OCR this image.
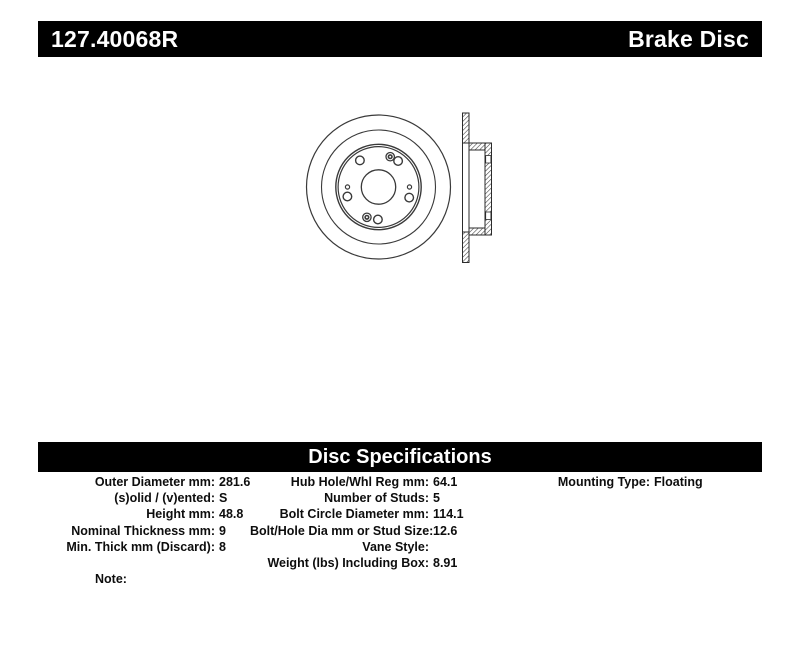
127.40068R	Brake Disc
Disc Specifications
Outer Diameter mm: 281.6
(s)olid / (v)ented: S
Height mm: 48.8
Nominal Thickness mm: 9
Min. Thick mm (Discard): 8
Hub Hole/Whl Reg mm: 64.1
Number of Studs: 5
Bolt Circle Diameter mm: 114.1
Bolt/Hole Dia mm or Stud Size: 12.6
Vane Style:
Weight (lbs) Including Box: 8.91
Mounting Type: Floating
Note:
